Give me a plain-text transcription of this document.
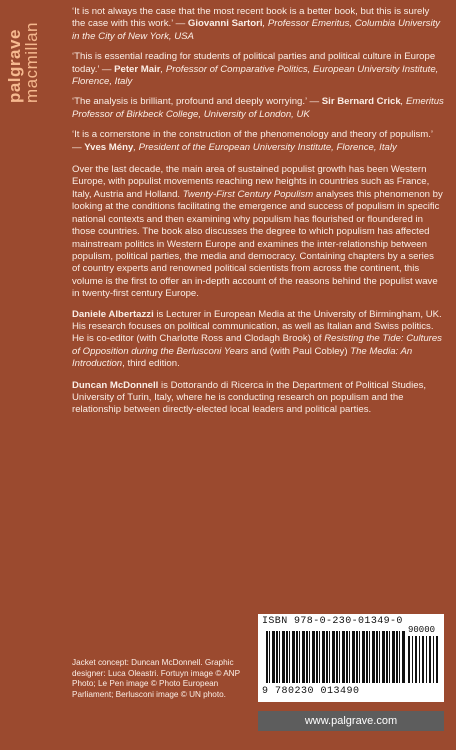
palgrave
macmillan

‘It is not always the case that the most recent book is a better book, but this is surely the case with this work.’ — Giovanni Sartori, Professor Emeritus, Columbia University in the City of New York, USA

‘This is essential reading for students of political parties and political culture in Europe today.’ — Peter Mair, Professor of Comparative Politics, European University Institute, Florence, Italy

‘The analysis is brilliant, profound and deeply worrying.’ — Sir Bernard Crick, Emeritus Professor of Birkbeck College, University of London, UK

‘It is a cornerstone in the construction of the phenomenology and theory of populism.’ — Yves Mény, President of the European University Institute, Florence, Italy

Over the last decade, the main area of sustained populist growth has been Western Europe, with populist movements reaching new heights in countries such as France, Italy, Austria and Holland. Twenty-First Century Populism analyses this phenomenon by looking at the conditions facilitating the emergence and success of populism in specific national contexts and then examining why populism has flourished or floundered in those countries. The book also discusses the degree to which populism has affected mainstream politics in Western Europe and examines the inter-relationship between populism, political parties, the media and democracy. Containing chapters by a series of country experts and renowned political scientists from across the continent, this volume is the first to offer an in-depth account of the reasons behind the populist wave in twenty-first century Europe.

Daniele Albertazzi is Lecturer in European Media at the University of Birmingham, UK. His research focuses on political communication, as well as Italian and Swiss politics. He is co-editor (with Charlotte Ross and Clodagh Brook) of Resisting the Tide: Cultures of Opposition during the Berlusconi Years and (with Paul Cobley) The Media: An Introduction, third edition.

Duncan McDonnell is Dottorando di Ricerca in the Department of Political Studies, University of Turin, Italy, where he is conducting research on populism and the relationship between directly-elected local leaders and political parties.

Jacket concept: Duncan McDonnell. Graphic designer: Luca Oleastri. Fortuyn image © ANP Photo; Le Pen image © Photo European Parliament; Berlusconi image © UN photo.
ISBN 978-0-230-01349-0
90000
9 780230 013490
www.palgrave.com
